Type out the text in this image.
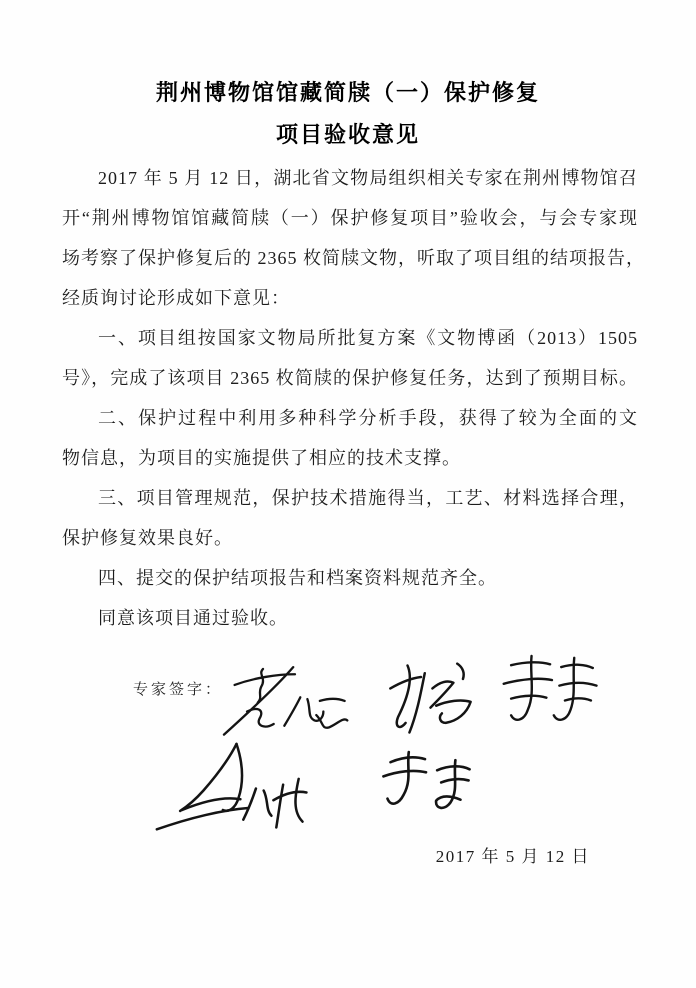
荆州博物馆馆藏简牍（一）保护修复
项目验收意见
2017 年 5 月 12 日，湖北省文物局组织相关专家在荆州博物馆召
开“荆州博物馆馆藏简牍（一）保护修复项目”验收会，与会专家现
场考察了保护修复后的 2365 枚简牍文物，听取了项目组的结项报告，
经质询讨论形成如下意见：
一、项目组按国家文物局所批复方案《文物博函（2013）1505
号》，完成了该项目 2365 枚简牍的保护修复任务，达到了预期目标。
二、保护过程中利用多种科学分析手段，获得了较为全面的文
物信息，为项目的实施提供了相应的技术支撑。
三、项目管理规范，保护技术措施得当，工艺、材料选择合理，
保护修复效果良好。
四、提交的保护结项报告和档案资料规范齐全。
同意该项目通过验收。
专家签字：
2017 年 5 月 12 日
